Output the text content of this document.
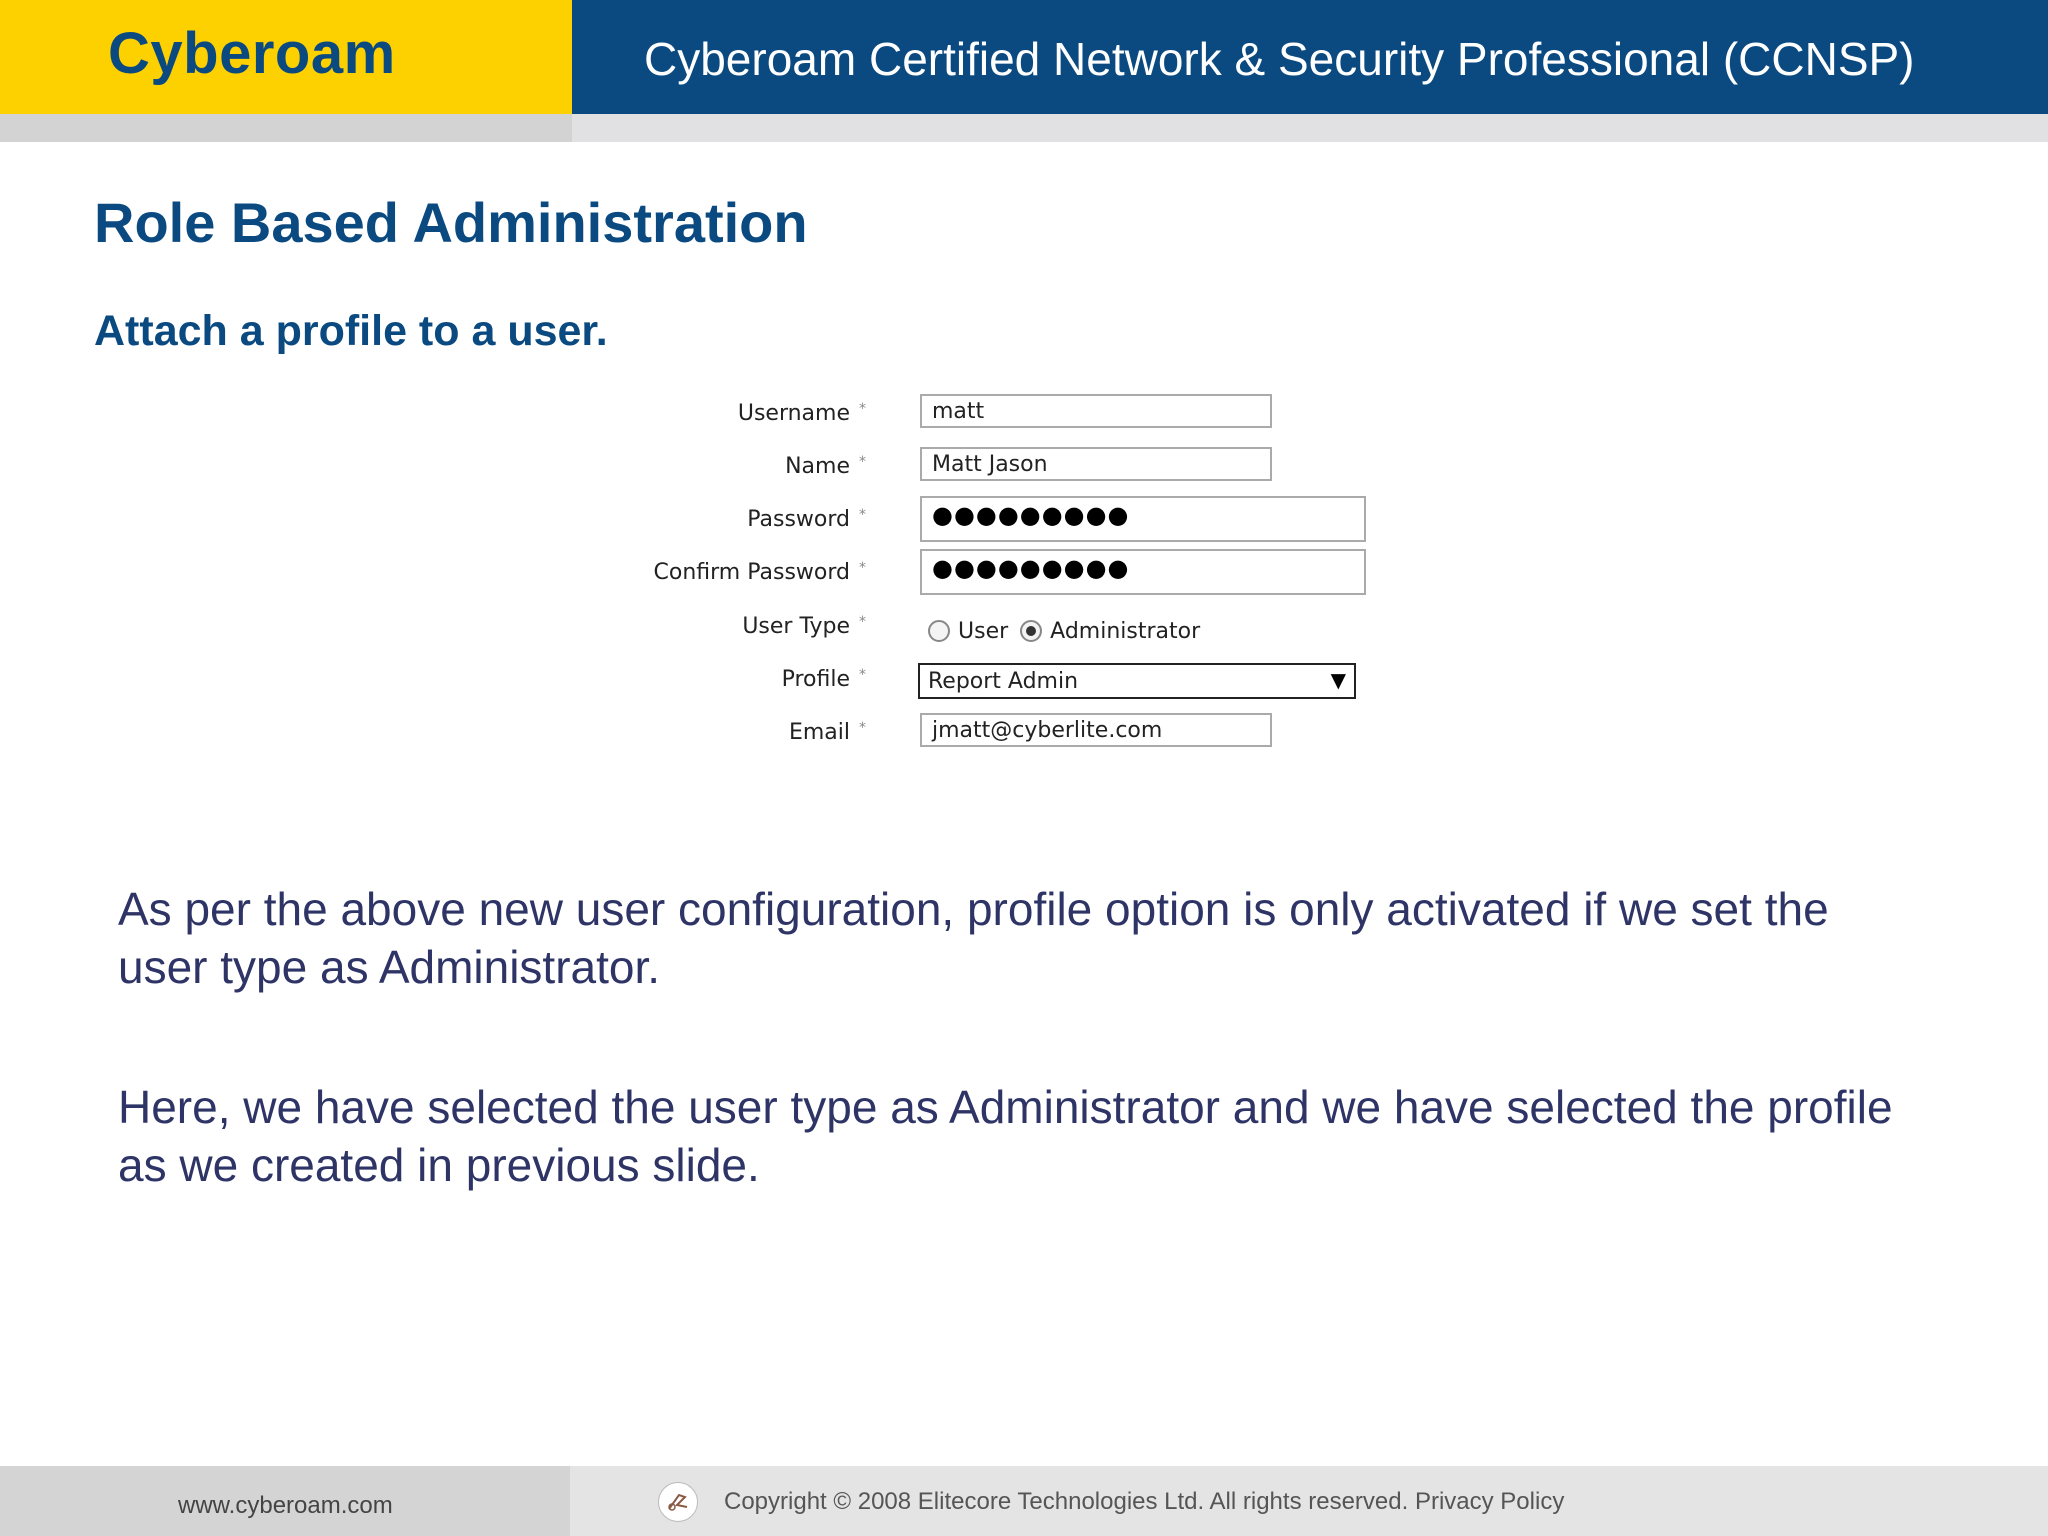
Cyberoam	Cyberoam Certified Network & Security Professional (CCNSP)
Role Based Administration
Attach a profile to a user.
Username *	matt
Name *	Matt Jason
Password *	●●●●●●●●●
Confirm Password *	●●●●●●●●●
User Type *	User Administrator
Profile *	Report Admin	▼
Email *	jmatt@cyberlite.com
As per the above new user configuration, profile option is only activated if we set the user type as Administrator.
Here, we have selected the user type as Administrator and we have selected the profile as we created in previous slide.
www.cyberoam.com	Copyright © 2008 Elitecore Technologies Ltd. All rights reserved. Privacy Policy
